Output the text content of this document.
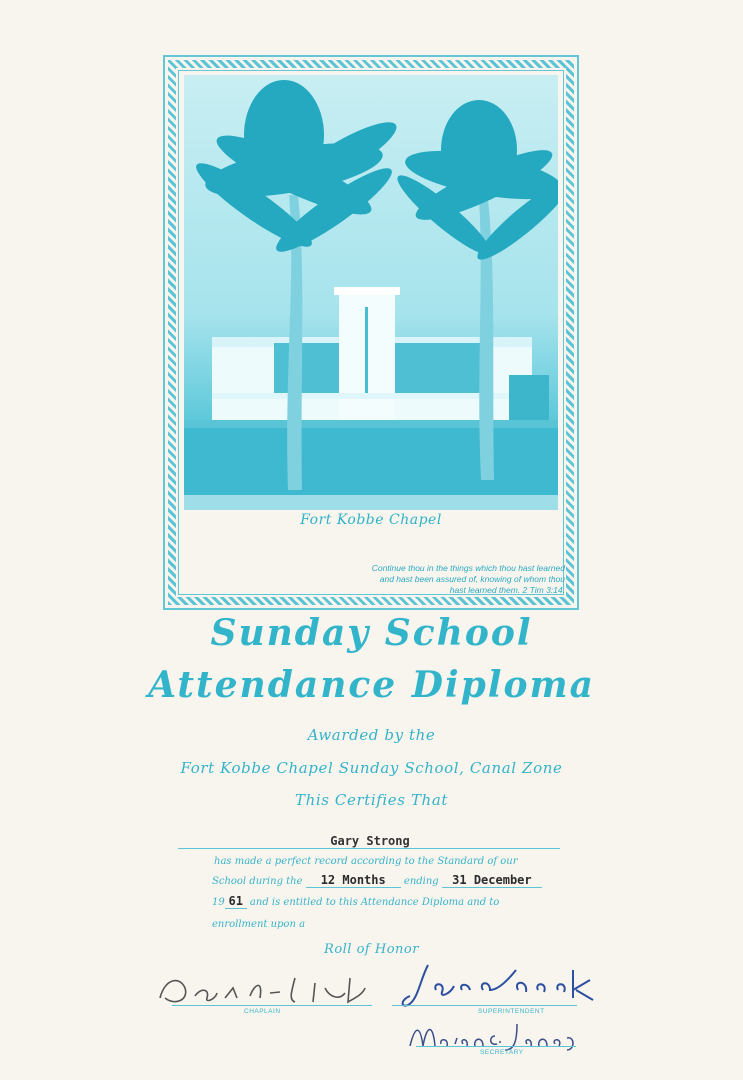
Fort Kobbe Chapel
Continue thou in the things which thou hast learned and hast been assured of, knowing of whom thou hast learned them. 2 Tim 3:14.
Sunday School
Attendance Diploma
Awarded by the
Fort Kobbe Chapel Sunday School, Canal Zone
This Certifies That
Gary Strong
has made a perfect record according to the Standard of our
School during the 12 Months ending 31 December
19 61 and is entitled to this Attendance Diploma and to
enrollment upon a
Roll of Honor
CHAPLAIN	SUPERINTENDENT
SECRETARY
